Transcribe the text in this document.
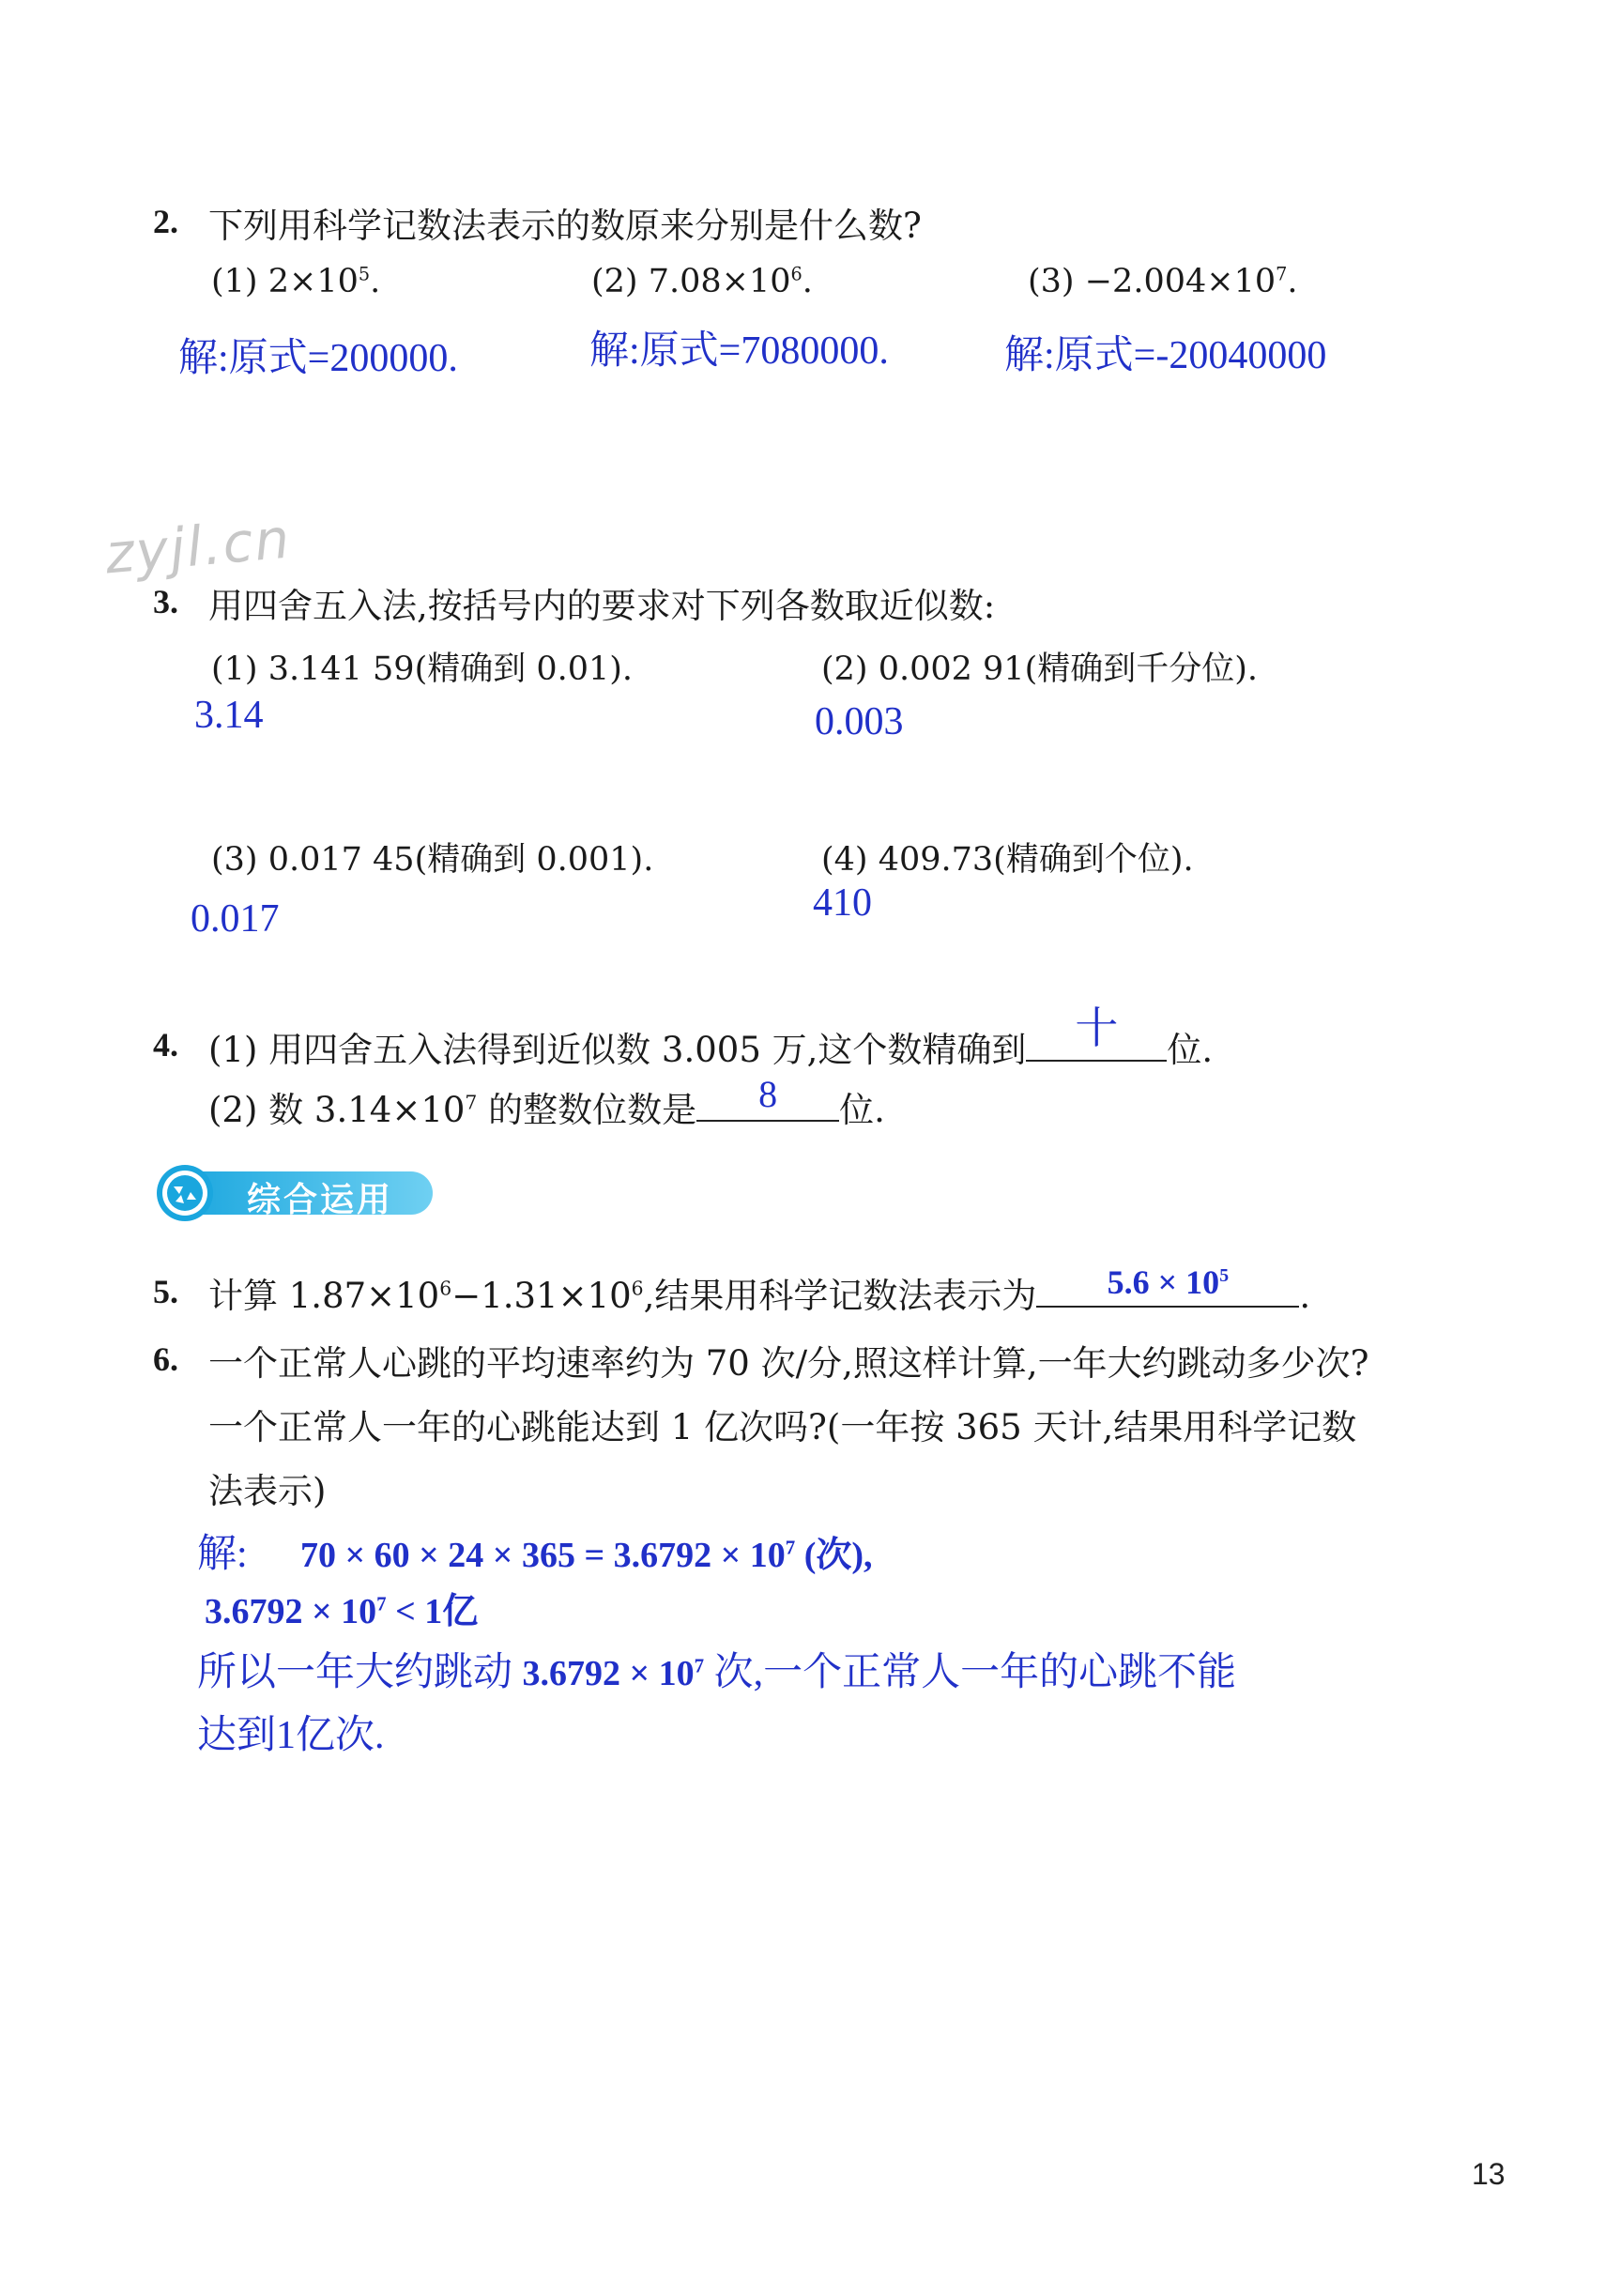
2. 下列用科学记数法表示的数原来分别是什么数?
(1) $2\times 10^5$.	(2) $7.08\times 10^6$.	$(3) -2.004\times 10^7$.
解:原式=200000.	解:原式=7080000.	解:原式=-20040000
zyjl.cn
3. 用四舍五入法,按括号内的要求对下列各数取近似数:
(1) 3.141 59(精确到 0.01).	(2) 0.002 91(精确到千分位).
3.14	0.003
(3) 0.017 45(精确到 0.001).	(4) 409.73(精确到个位).
0.017	410
4. (1) 用四舍五入法得到近似数 3.005 万,这个数精确到	十	位.
(2) 数 $3.14\times 10^7$ 的整数位数是	8	位.
综合运用
5. 计算 $1.87\times 10^6-1.31\times 10^6$,结果用科学记数法表示为	$5.6 \times 10^5$	.
6. 一个正常人心跳的平均速率约为 70 次/分,照这样计算,一年大约跳动多少次?
一个正常人一年的心跳能达到 1 亿次吗?(一年按 365 天计,结果用科学记数
法表示)
解: $70 \times 60 \times 24 \times 365 = 3.6792 \times 10^7$ (次),
$3.6792 \times 10^7 < 1$亿
所以一年大约跳动 $3.6792 \times 10^7$ 次,一个正常人一年的心跳不能
达到1亿次.
13
